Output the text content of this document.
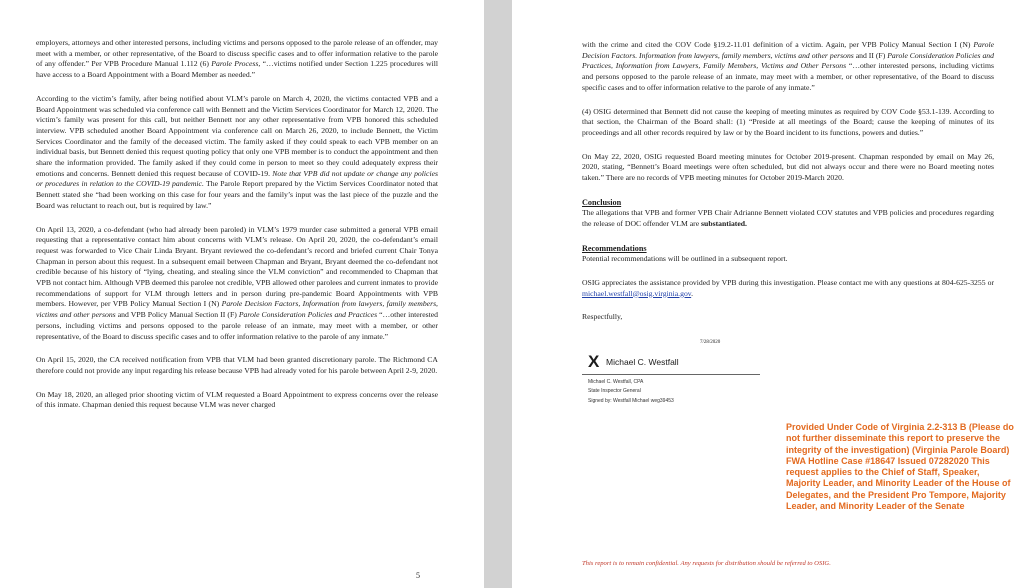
employers, attorneys and other interested persons, including victims and persons opposed to the parole release of an offender, may meet with a member, or other representative, of the Board to discuss specific cases and to offer information relative to the parole of any offender.” Per VPB Procedure Manual 1.112 (6) Parole Process, “…victims notified under Section 1.225 procedures will have access to a Board Appointment with a Board Member as needed.”

According to the victim’s family, after being notified about VLM’s parole on March 4, 2020, the victims contacted VPB and a Board Appointment was scheduled via conference call with Bennett and the Victim Services Coordinator for March 12, 2020. The victim’s family was present for this call, but neither Bennett nor any other representative from VPB honored this scheduled interview. VPB scheduled another Board Appointment via conference call on March 26, 2020, to include Bennett, the Victim Services Coordinator and the family of the deceased victim. The family asked if they could speak to each VPB member on an individual basis, but Bennett denied this request quoting policy that only one VPB member is to conduct the appointment and then share the information provided. The family asked if they could come in person to meet so they could adequately express their emotions and concerns. Bennett denied this request because of COVID-19. Note that VPB did not update or change any policies or procedures in relation to the COVID-19 pandemic. The Parole Report prepared by the Victim Services Coordinator noted that Bennett stated she “had been working on this case for four years and the family’s input was the last piece of the puzzle and the Board was reluctant to reach out, but is required by law.”

On April 13, 2020, a co-defendant (who had already been paroled) in VLM’s 1979 murder case submitted a general VPB email requesting that a representative contact him about concerns with VLM’s release. On April 20, 2020, the co-defendant’s email request was forwarded to Vice Chair Linda Bryant. Bryant reviewed the co-defendant’s record and briefed current Chair Tonya Chapman in person about this request. In a subsequent email between Chapman and Bryant, Bryant deemed the co-defendant not credible because of his history of “lying, cheating, and stealing since the VLM conviction” and recommended to Chapman that VPB not contact him. Although VPB deemed this parolee not credible, VPB allowed other parolees and current inmates to provide recommendations of support for VLM through letters and in person during pre-pandemic Board Appointments with VPB members. However, per VPB Policy Manual Section I (N) Parole Decision Factors, Information from lawyers, family members, victims and other persons and VPB Policy Manual Section II (F) Parole Consideration Policies and Practices “…other interested persons, including victims and persons opposed to the parole release of an inmate, may meet with a member, or other representative, of the Board to discuss specific cases and to offer information relative to the parole of any inmate.”

On April 15, 2020, the CA received notification from VPB that VLM had been granted discretionary parole. The Richmond CA therefore could not provide any input regarding his release because VPB had already voted for his parole between April 2-9, 2020.

On May 18, 2020, an alleged prior shooting victim of VLM requested a Board Appointment to express concerns over the release of this inmate. Chapman denied this request because VLM was never charged

5

with the crime and cited the COV Code §19.2-11.01 definition of a victim. Again, per VPB Policy Manual Section I (N) Parole Decision Factors. Information from lawyers, family members, victims and other persons and II (F) Parole Consideration Policies and Practices, Information from Lawyers, Family Members, Victims and Other Persons “…other interested persons, including victims and persons opposed to the parole release of an inmate, may meet with a member, or other representative, of the Board to discuss specific cases and to offer information relative to the parole of any inmate.”

(4) OSIG determined that Bennett did not cause the keeping of meeting minutes as required by COV Code §53.1-139. According to that section, the Chairman of the Board shall: (1) “Preside at all meetings of the Board; cause the keeping of minutes of its proceedings and all other records required by law or by the Board incident to its functions, powers and duties.”

On May 22, 2020, OSIG requested Board meeting minutes for October 2019-present. Chapman responded by email on May 26, 2020, stating, “Bennett’s Board meetings were often scheduled, but did not always occur and there were no Board meeting notes taken.” There are no records of VPB meeting minutes for October 2019-March 2020.

Conclusion

The allegations that VPB and former VPB Chair Adrianne Bennett violated COV statutes and VPB policies and procedures regarding the release of DOC offender VLM are substantiated.

Recommendations

Potential recommendations will be outlined in a subsequent report.

OSIG appreciates the assistance provided by VPB during this investigation. Please contact me with any questions at 804-625-3255 or michael.westfall@osig.virginia.gov.

Respectfully,

7/28/2020
X Michael C. Westfall
Michael C. Westfall, CPA
State Inspector General
Signed by: Westfall Michael weg39453

Provided Under Code of Virginia 2.2-313 B (Please do not further disseminate this report to preserve the integrity of the investigation) (Virginia Parole Board) FWA Hotline Case #18647 Issued 07282020 This request applies to the Chief of Staff, Speaker, Majority Leader, and Minority Leader of the House of Delegates, and the President Pro Tempore, Majority Leader, and Minority Leader of the Senate

This report is to remain confidential. Any requests for distribution should be referred to OSIG.
